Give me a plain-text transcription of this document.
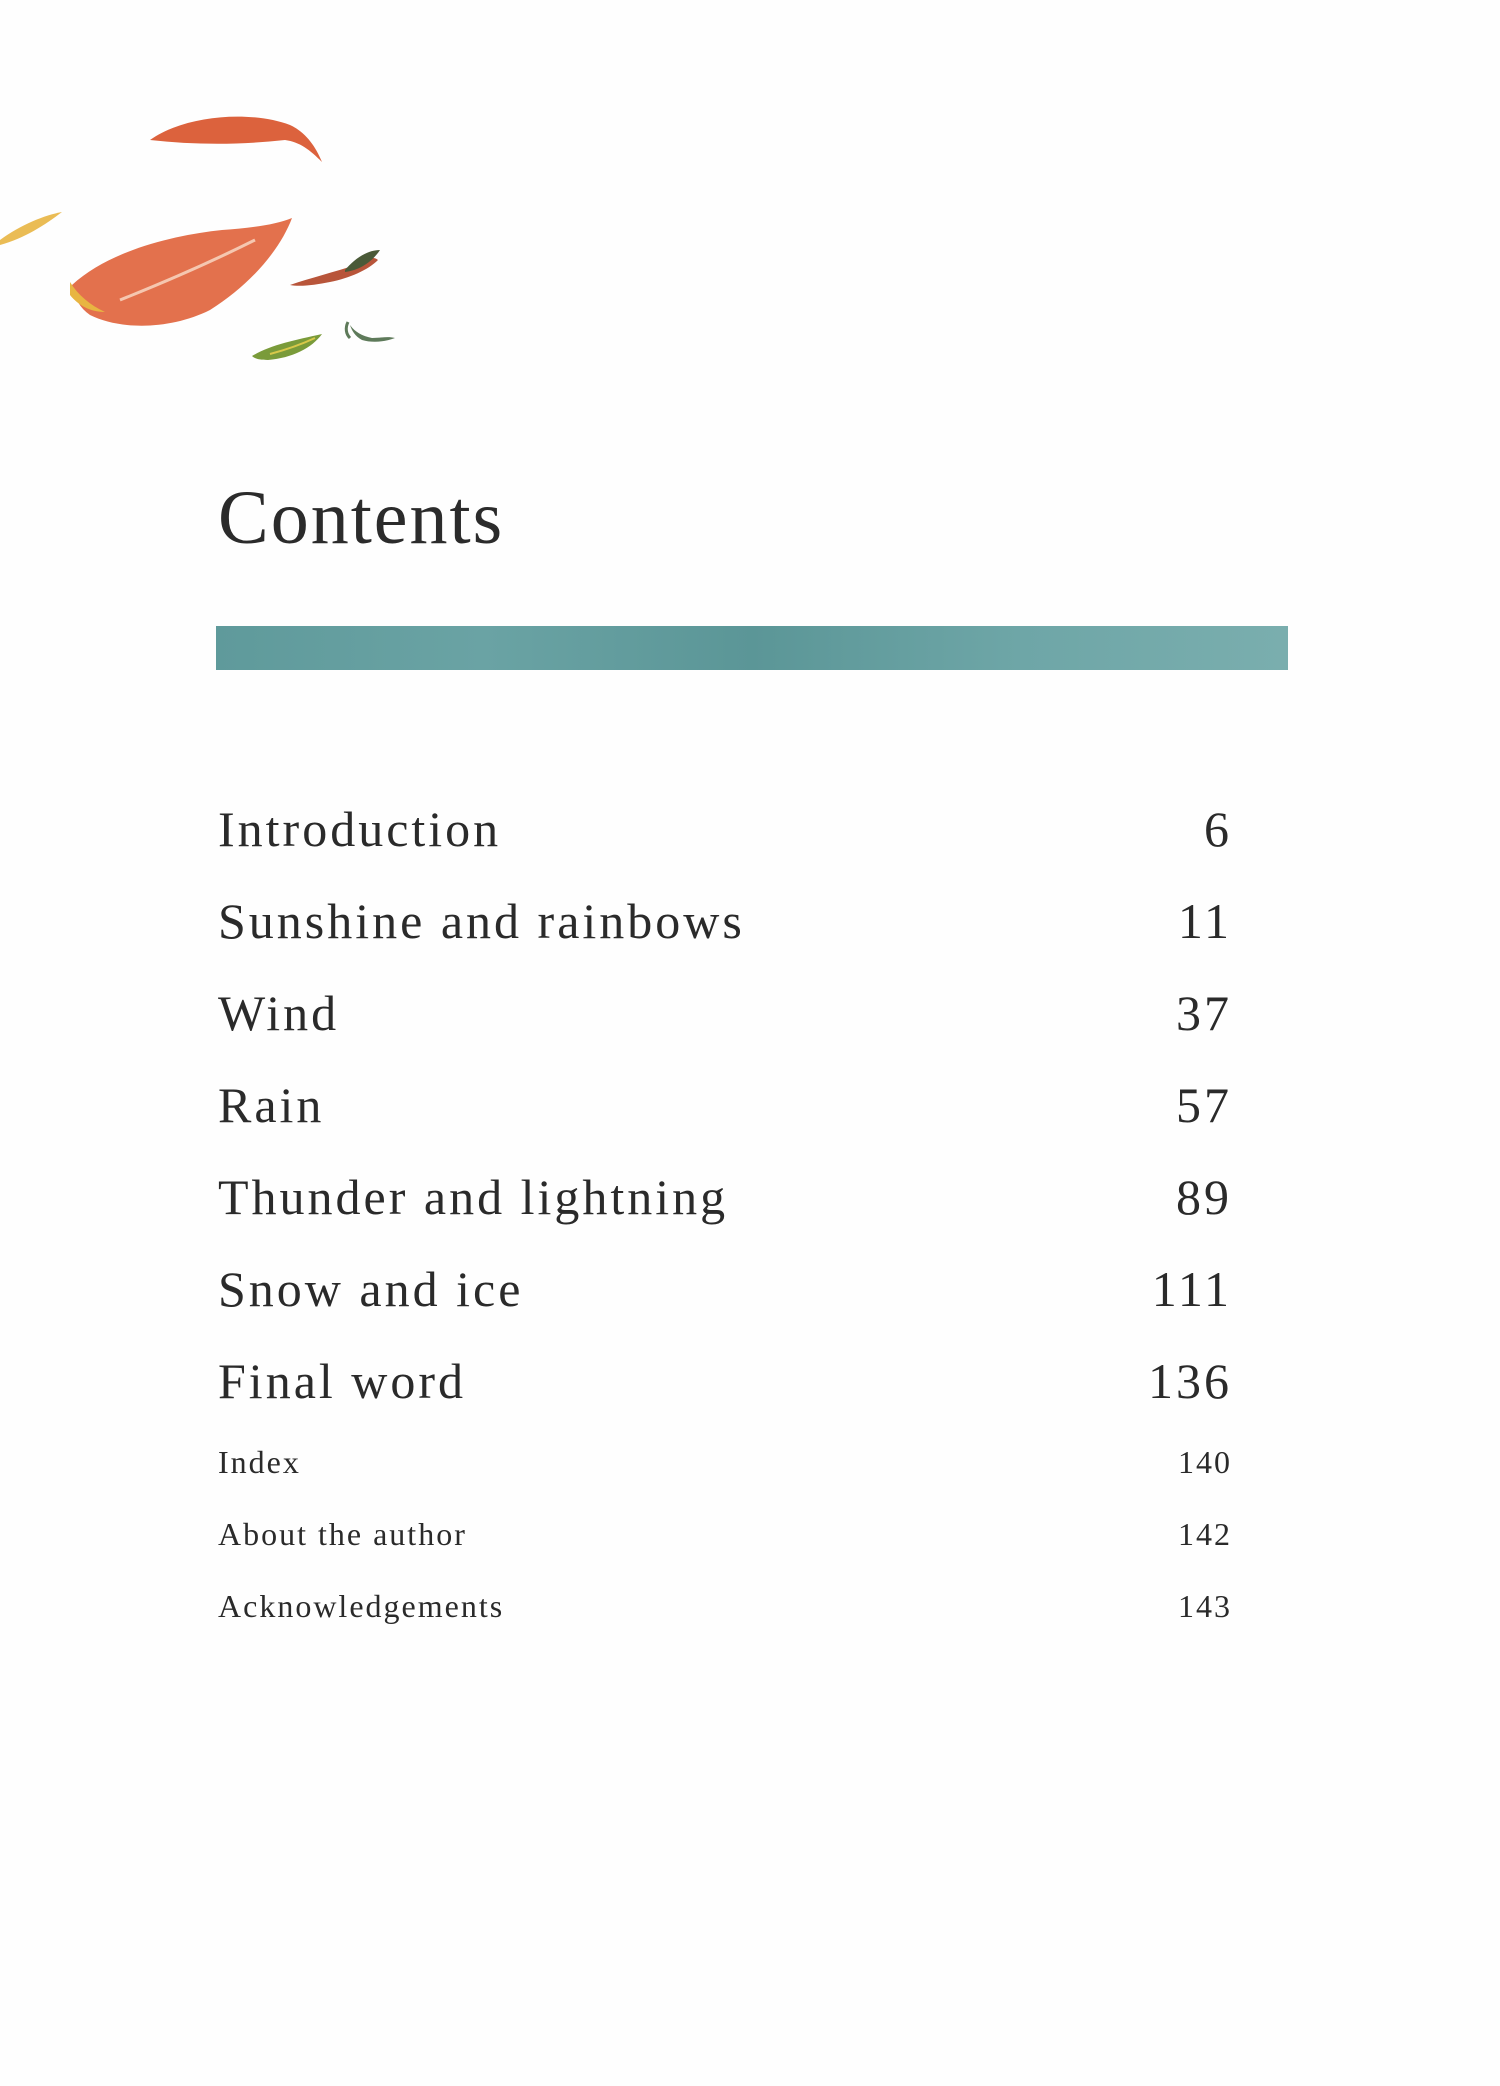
Contents
Introduction	6
Sunshine and rainbows	11
Wind	37
Rain	57
Thunder and lightning	89
Snow and ice	111
Final word	136
Index	140
About the author	142
Acknowledgements	143
